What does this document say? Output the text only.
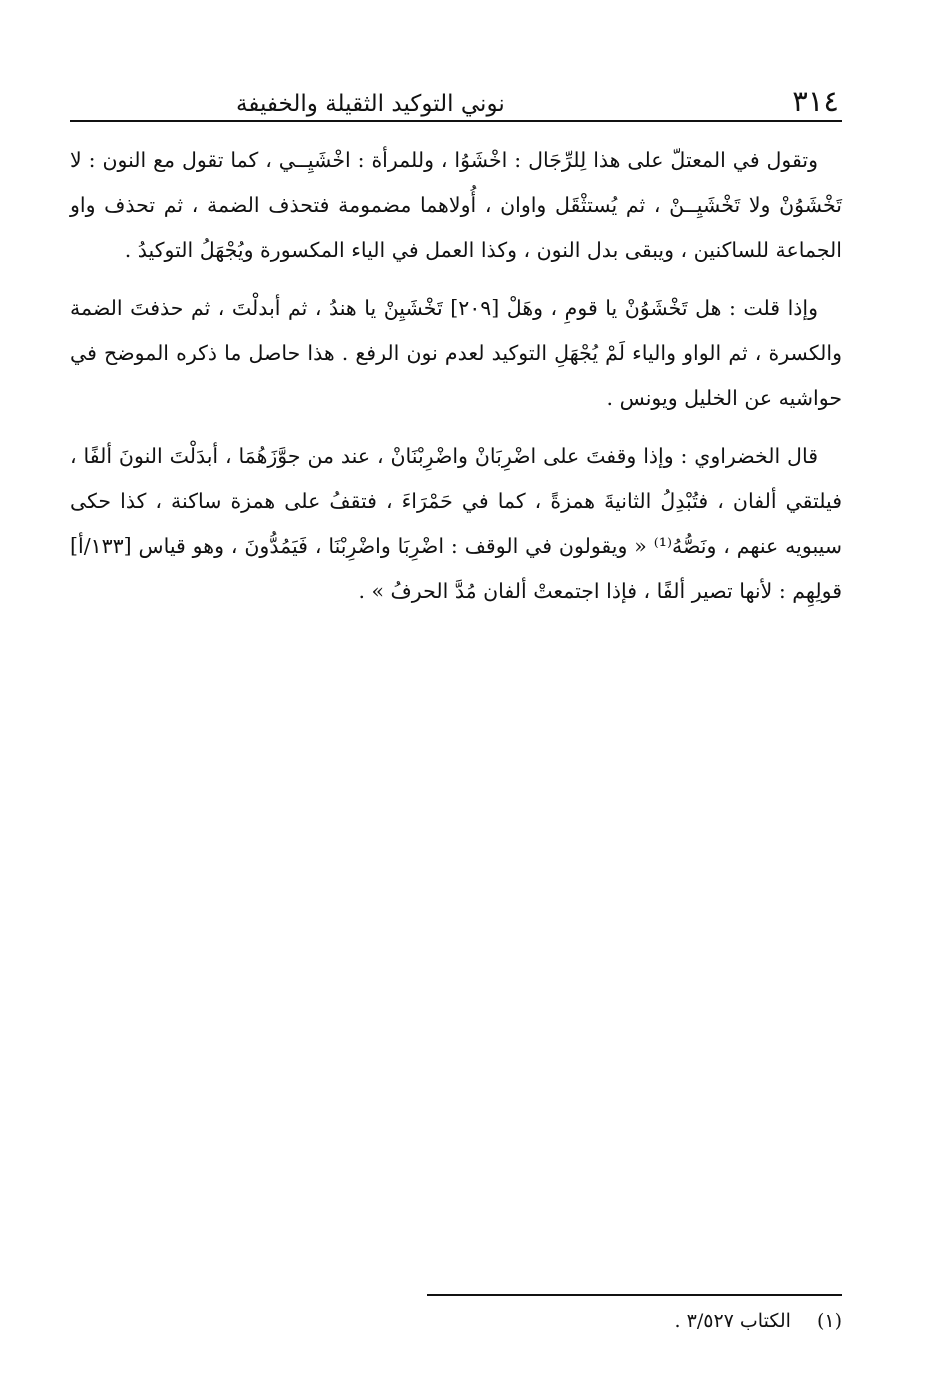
٣١٤
نوني التوكيد الثقيلة والخفيفة

وتقول في المعتلّ على هذا لِلرِّجَال : اخْشَوُا ، وللمرأة : اخْشَيِــي ، كما تقول مع النون : لا تَخْشَوُنْ ولا تَخْشَيِــنْ ، ثم يُستثْقَل واوان ، أُولاهما مضمومة فتحذف الضمة ، ثم تحذف واو الجماعة للساكنين ، ويبقى بدل النون ، وكذا العمل في الياء المكسورة ويُجْهَلُ التوكيدُ .

وإذا قلت : هل تَخْشَوُنْ يا قومِ ، وهَلْ [٢٠٩] تَخْشَيِنْ يا هندُ ، ثم أبدلْتَ ، ثم حذفتَ الضمة والكسرة ، ثم الواو والياء لَمْ يُجْهَلِ التوكيد لعدم نون الرفع . هذا حاصل ما ذكره الموضح في حواشيه عن الخليل ويونس .

قال الخضراوي : وإذا وقفتَ على اضْرِبَانْ واضْرِبْنَانْ ، عند من جوَّزَهُمَا ، أبدَلْتَ النونَ ألفًا ، فيلتقي ألفان ، فتُبْدِلُ الثانيةَ همزةً ، كما في حَمْرَاءَ ، فتقفُ على همزة ساكنة ، كذا حكى سيبويه عنهم ، ونَصُّهُ⁽¹⁾ « ويقولون في الوقف : اضْرِبَا واضْرِبْنَا ، فَيَمُدُّونَ ، وهو قياس [١٣٣/أ] قولِهِم : لأنها تصير ألفًا ، فإذا اجتمعتْ ألفان مُدَّ الحرفُ » .

(١) الكتاب ٣/٥٢٧ .
